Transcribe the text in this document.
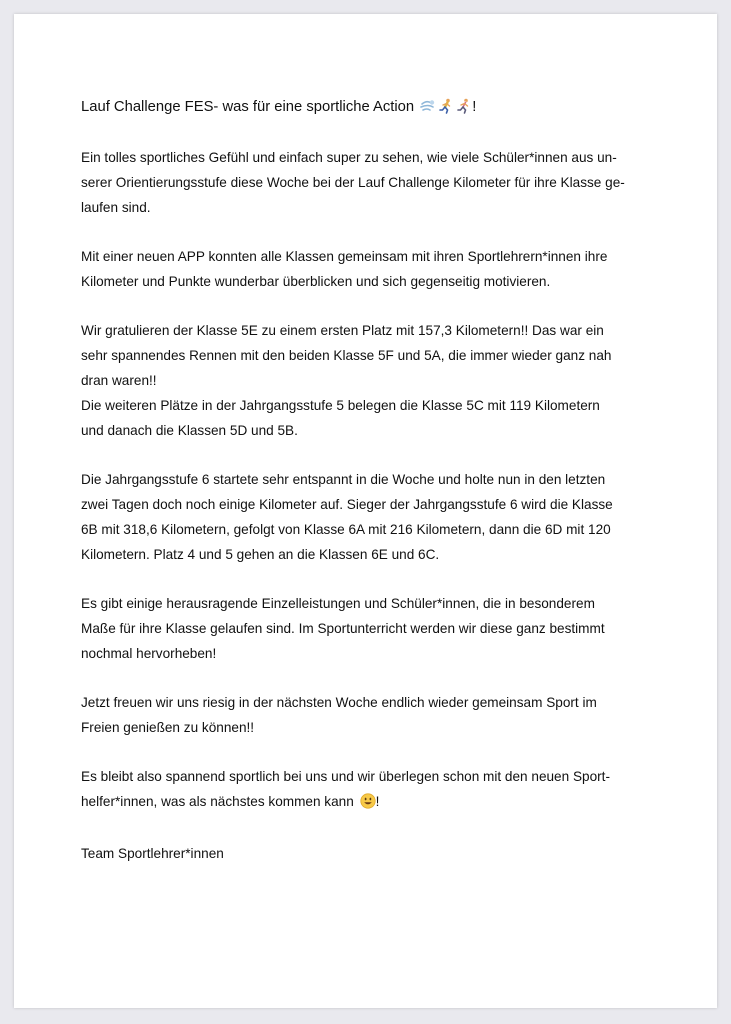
Lauf Challenge FES- was für eine sportliche Action	!
Ein tolles sportliches Gefühl und einfach super zu sehen, wie viele Schüler*innen aus un-
serer Orientierungsstufe diese Woche bei der Lauf Challenge Kilometer für ihre Klasse ge-
laufen sind.
Mit einer neuen APP konnten alle Klassen gemeinsam mit ihren Sportlehrern*innen ihre
Kilometer und Punkte wunderbar überblicken und sich gegenseitig motivieren.
Wir gratulieren der Klasse 5E zu einem ersten Platz mit 157,3 Kilometern!! Das war ein
sehr spannendes Rennen mit den beiden Klasse 5F und 5A, die immer wieder ganz nah
dran waren!!
Die weiteren Plätze in der Jahrgangsstufe 5 belegen die Klasse 5C mit 119 Kilometern
und danach die Klassen 5D und 5B.
Die Jahrgangsstufe 6 startete sehr entspannt in die Woche und holte nun in den letzten
zwei Tagen doch noch einige Kilometer auf. Sieger der Jahrgangsstufe 6 wird die Klasse
6B mit 318,6 Kilometern, gefolgt von Klasse 6A mit 216 Kilometern, dann die 6D mit 120
Kilometern. Platz 4 und 5 gehen an die Klassen 6E und 6C.
Es gibt einige herausragende Einzelleistungen und Schüler*innen, die in besonderem
Maße für ihre Klasse gelaufen sind. Im Sportunterricht werden wir diese ganz bestimmt
nochmal hervorheben!
Jetzt freuen wir uns riesig in der nächsten Woche endlich wieder gemeinsam Sport im
Freien genießen zu können!!
Es bleibt also spannend sportlich bei uns und wir überlegen schon mit den neuen Sport-
helfer*innen, was als nächstes kommen kann !
Team Sportlehrer*innen
